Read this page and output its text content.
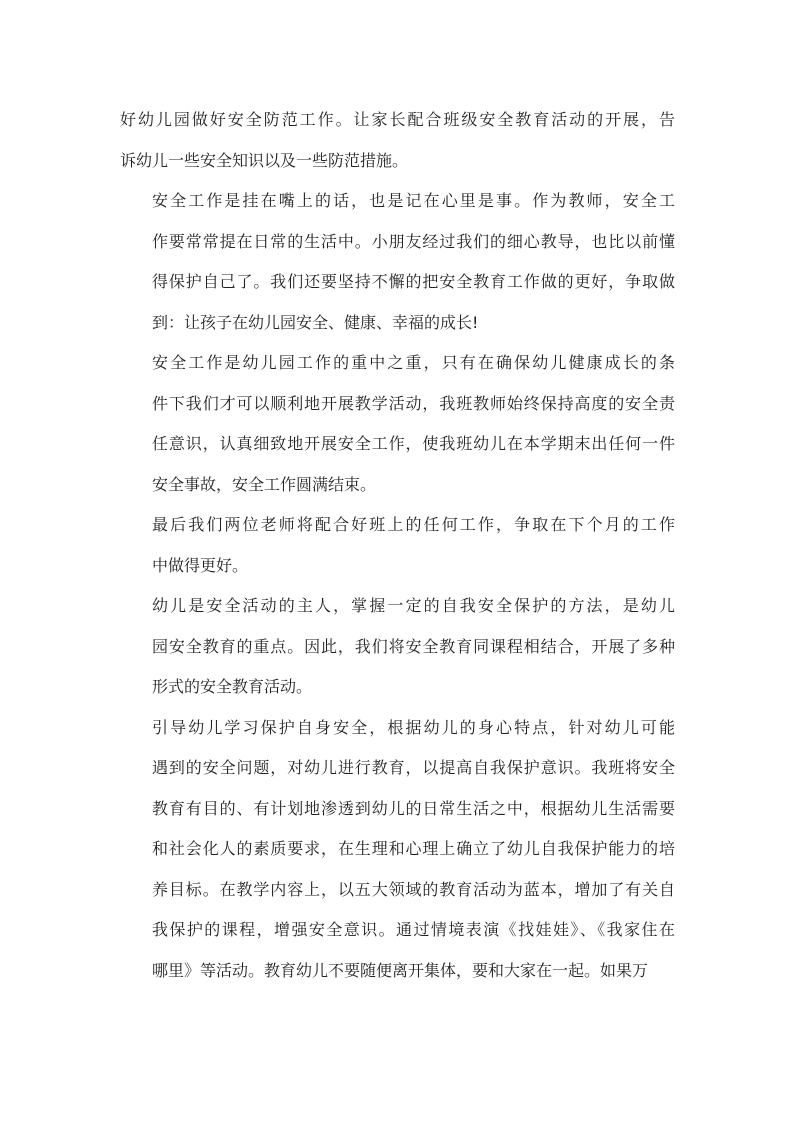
好幼儿园做好安全防范工作。让家长配合班级安全教育活动的开展，告
诉幼儿一些安全知识以及一些防范措施。
安全工作是挂在嘴上的话，也是记在心里是事。作为教师，安全工
作要常常提在日常的生活中。小朋友经过我们的细心教导，也比以前懂
得保护自己了。我们还要坚持不懈的把安全教育工作做的更好，争取做
到：让孩子在幼儿园安全、健康、幸福的成长!
安全工作是幼儿园工作的重中之重，只有在确保幼儿健康成长的条
件下我们才可以顺利地开展教学活动，我班教师始终保持高度的安全责
任意识，认真细致地开展安全工作，使我班幼儿在本学期末出任何一件
安全事故，安全工作圆满结束。
最后我们两位老师将配合好班上的任何工作，争取在下个月的工作
中做得更好。
幼儿是安全活动的主人，掌握一定的自我安全保护的方法，是幼儿
园安全教育的重点。因此，我们将安全教育同课程相结合，开展了多种
形式的安全教育活动。
引导幼儿学习保护自身安全，根据幼儿的身心特点，针对幼儿可能
遇到的安全问题，对幼儿进行教育，以提高自我保护意识。我班将安全
教育有目的、有计划地渗透到幼儿的日常生活之中，根据幼儿生活需要
和社会化人的素质要求，在生理和心理上确立了幼儿自我保护能力的培
养目标。在教学内容上，以五大领域的教育活动为蓝本，增加了有关自
我保护的课程，增强安全意识。通过情境表演《找娃娃》、《我家住在
哪里》等活动。教育幼儿不要随便离开集体，要和大家在一起。如果万
